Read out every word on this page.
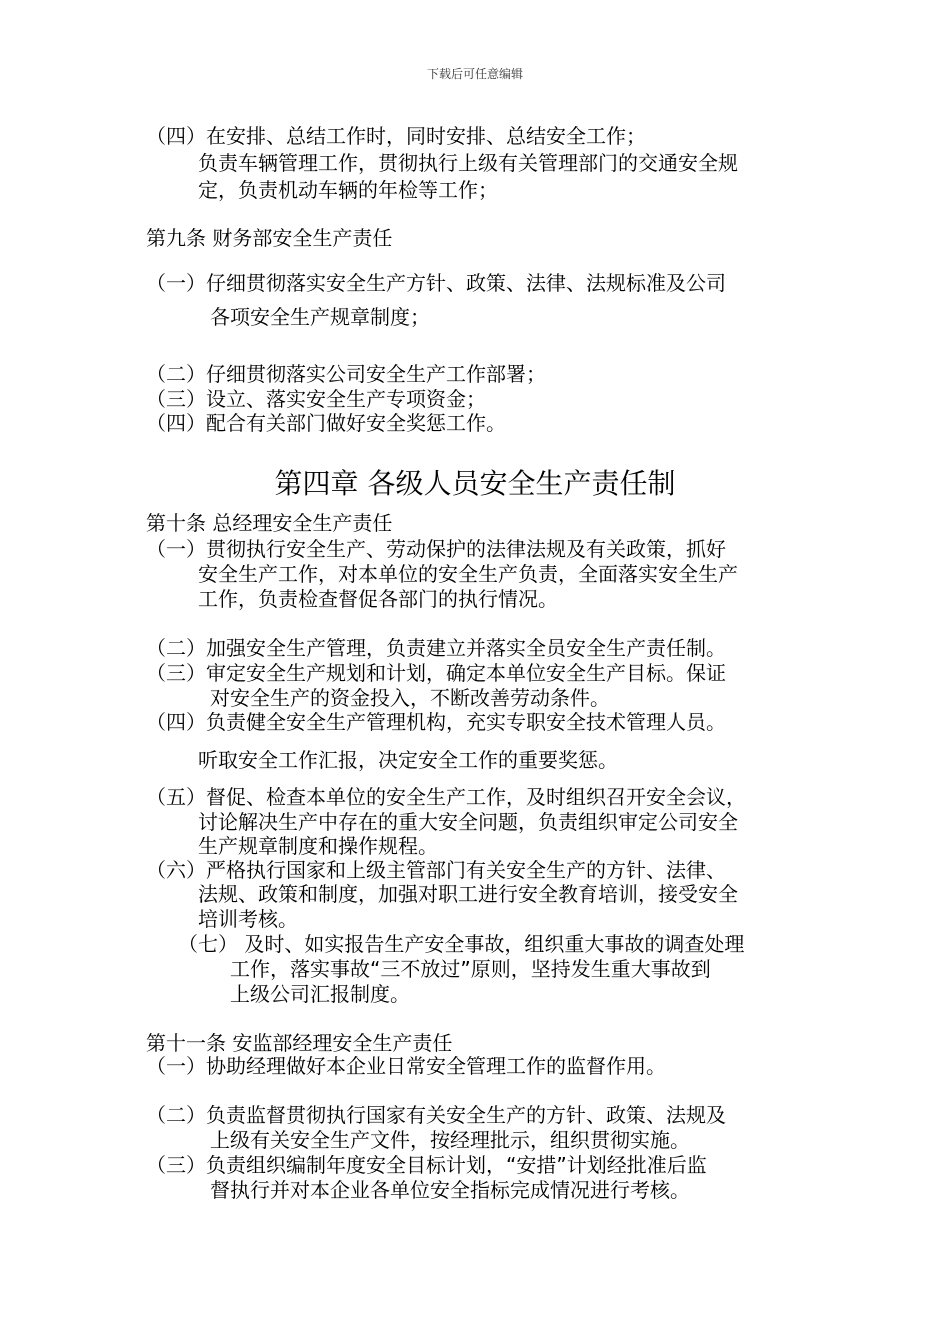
下载后可任意编辑
（四）在安排、总结工作时，同时安排、总结安全工作；
负责车辆管理工作，贯彻执行上级有关管理部门的交通安全规
定，负责机动车辆的年检等工作；
第九条 财务部安全生产责任
（一）仔细贯彻落实安全生产方针、政策、法律、法规标准及公司
各项安全生产规章制度；
（二）仔细贯彻落实公司安全生产工作部署；
（三）设立、落实安全生产专项资金；
（四）配合有关部门做好安全奖惩工作。
第四章 各级人员安全生产责任制
第十条 总经理安全生产责任
（一）贯彻执行安全生产、劳动保护的法律法规及有关政策，抓好
安全生产工作，对本单位的安全生产负责，全面落实安全生产
工作，负责检查督促各部门的执行情况。
（二）加强安全生产管理，负责建立并落实全员安全生产责任制。
（三）审定安全生产规划和计划，确定本单位安全生产目标。保证
对安全生产的资金投入，不断改善劳动条件。
（四）负责健全安全生产管理机构，充实专职安全技术管理人员。
听取安全工作汇报，决定安全工作的重要奖惩。
（五）督促、检查本单位的安全生产工作，及时组织召开安全会议，
讨论解决生产中存在的重大安全问题，负责组织审定公司安全
生产规章制度和操作规程。
（六）严格执行国家和上级主管部门有关安全生产的方针、法律、
法规、政策和制度，加强对职工进行安全教育培训，接受安全
培训考核。
（七） 及时、如实报告生产安全事故，组织重大事故的调查处理
工作，落实事故“三不放过”原则，坚持发生重大事故到
上级公司汇报制度。
第十一条 安监部经理安全生产责任
（一）协助经理做好本企业日常安全管理工作的监督作用。
（二）负责监督贯彻执行国家有关安全生产的方针、政策、法规及
上级有关安全生产文件，按经理批示，组织贯彻实施。
（三）负责组织编制年度安全目标计划，“安措”计划经批准后监
督执行并对本企业各单位安全指标完成情况进行考核。
